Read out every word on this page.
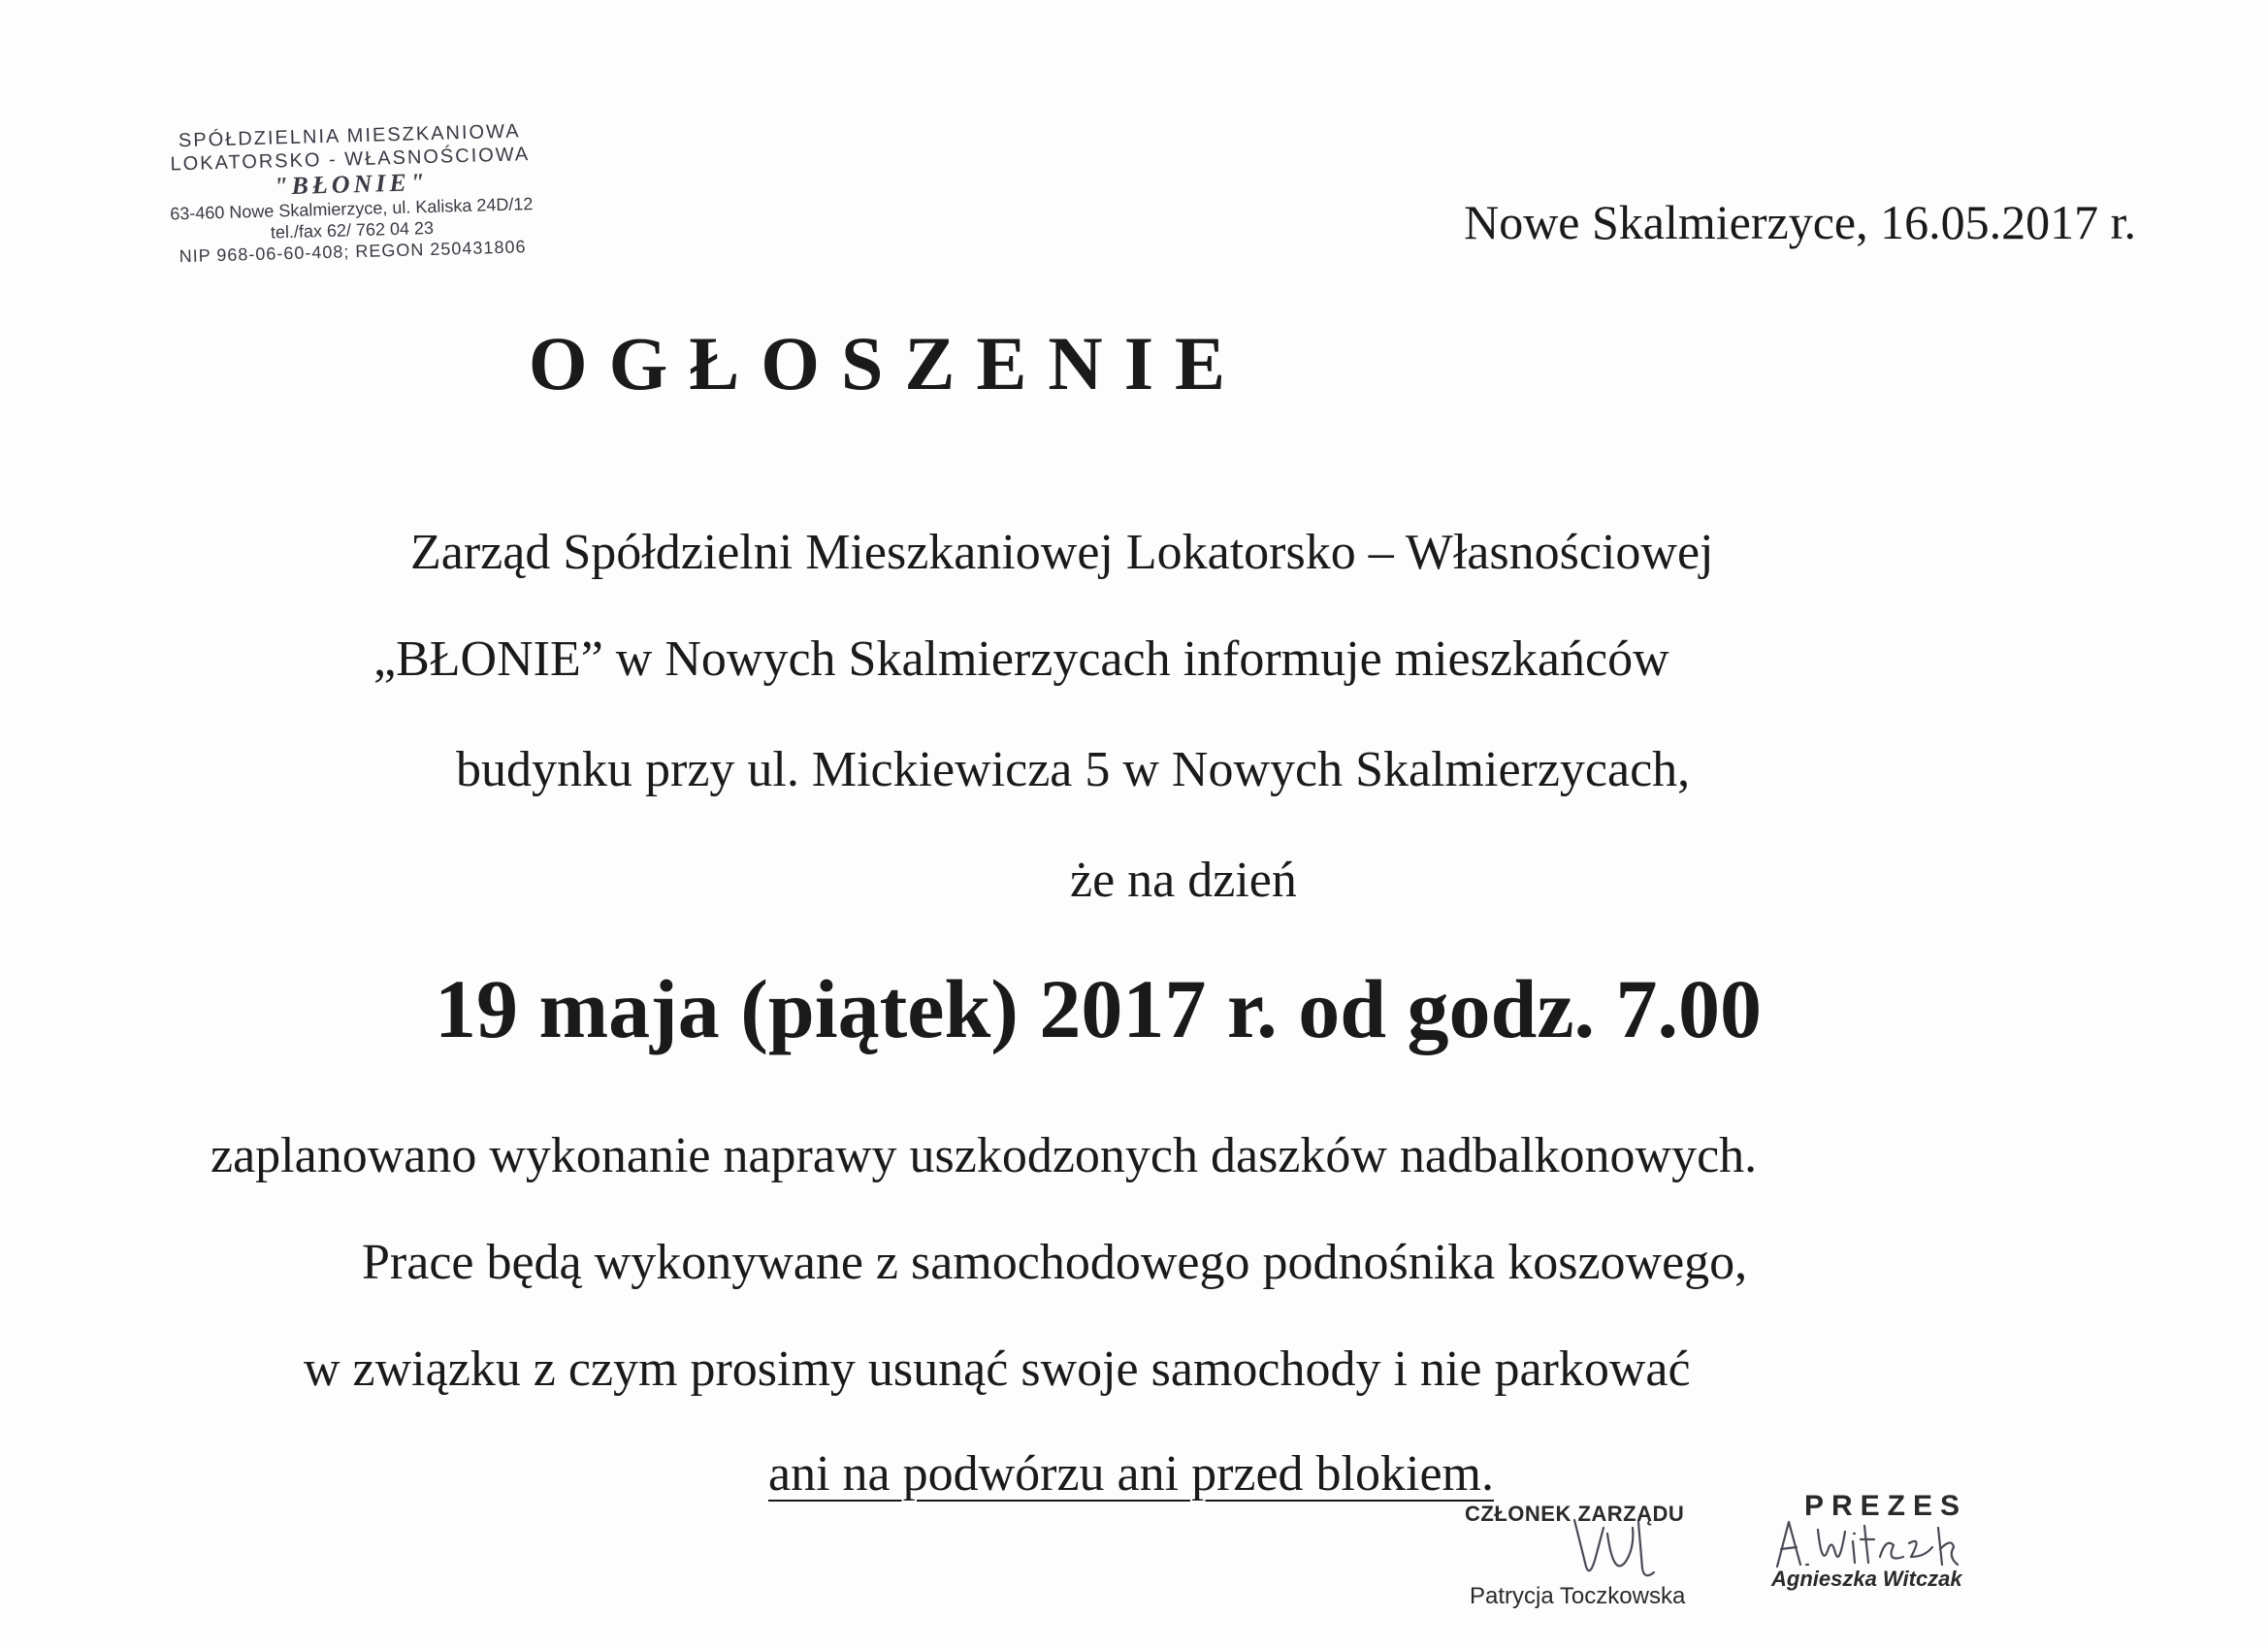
SPÓŁDZIELNIA MIESZKANIOWA
LOKATORSKO - WŁASNOŚCIOWA
"BŁONIE"
63-460 Nowe Skalmierzyce, ul. Kaliska 24D/12
tel./fax 62/ 762 04 23
NIP 968-06-60-408; REGON 250431806
Nowe Skalmierzyce, 16.05.2017 r.
OGŁOSZENIE
Zarząd Spółdzielni Mieszkaniowej Lokatorsko – Własnościowej
„BŁONIE” w Nowych Skalmierzycach informuje mieszkańców
budynku przy ul. Mickiewicza 5 w Nowych Skalmierzycach,
że na dzień
19 maja (piątek) 2017 r. od godz. 7.00
zaplanowano wykonanie naprawy uszkodzonych daszków nadbalkonowych.
Prace będą wykonywane z samochodowego podnośnika koszowego,
w związku z czym prosimy usunąć swoje samochody i nie parkować
ani na podwórzu ani przed blokiem.
CZŁONEK ZARZĄDU
Patrycja Toczkowska
PREZES
Agnieszka Witczak
